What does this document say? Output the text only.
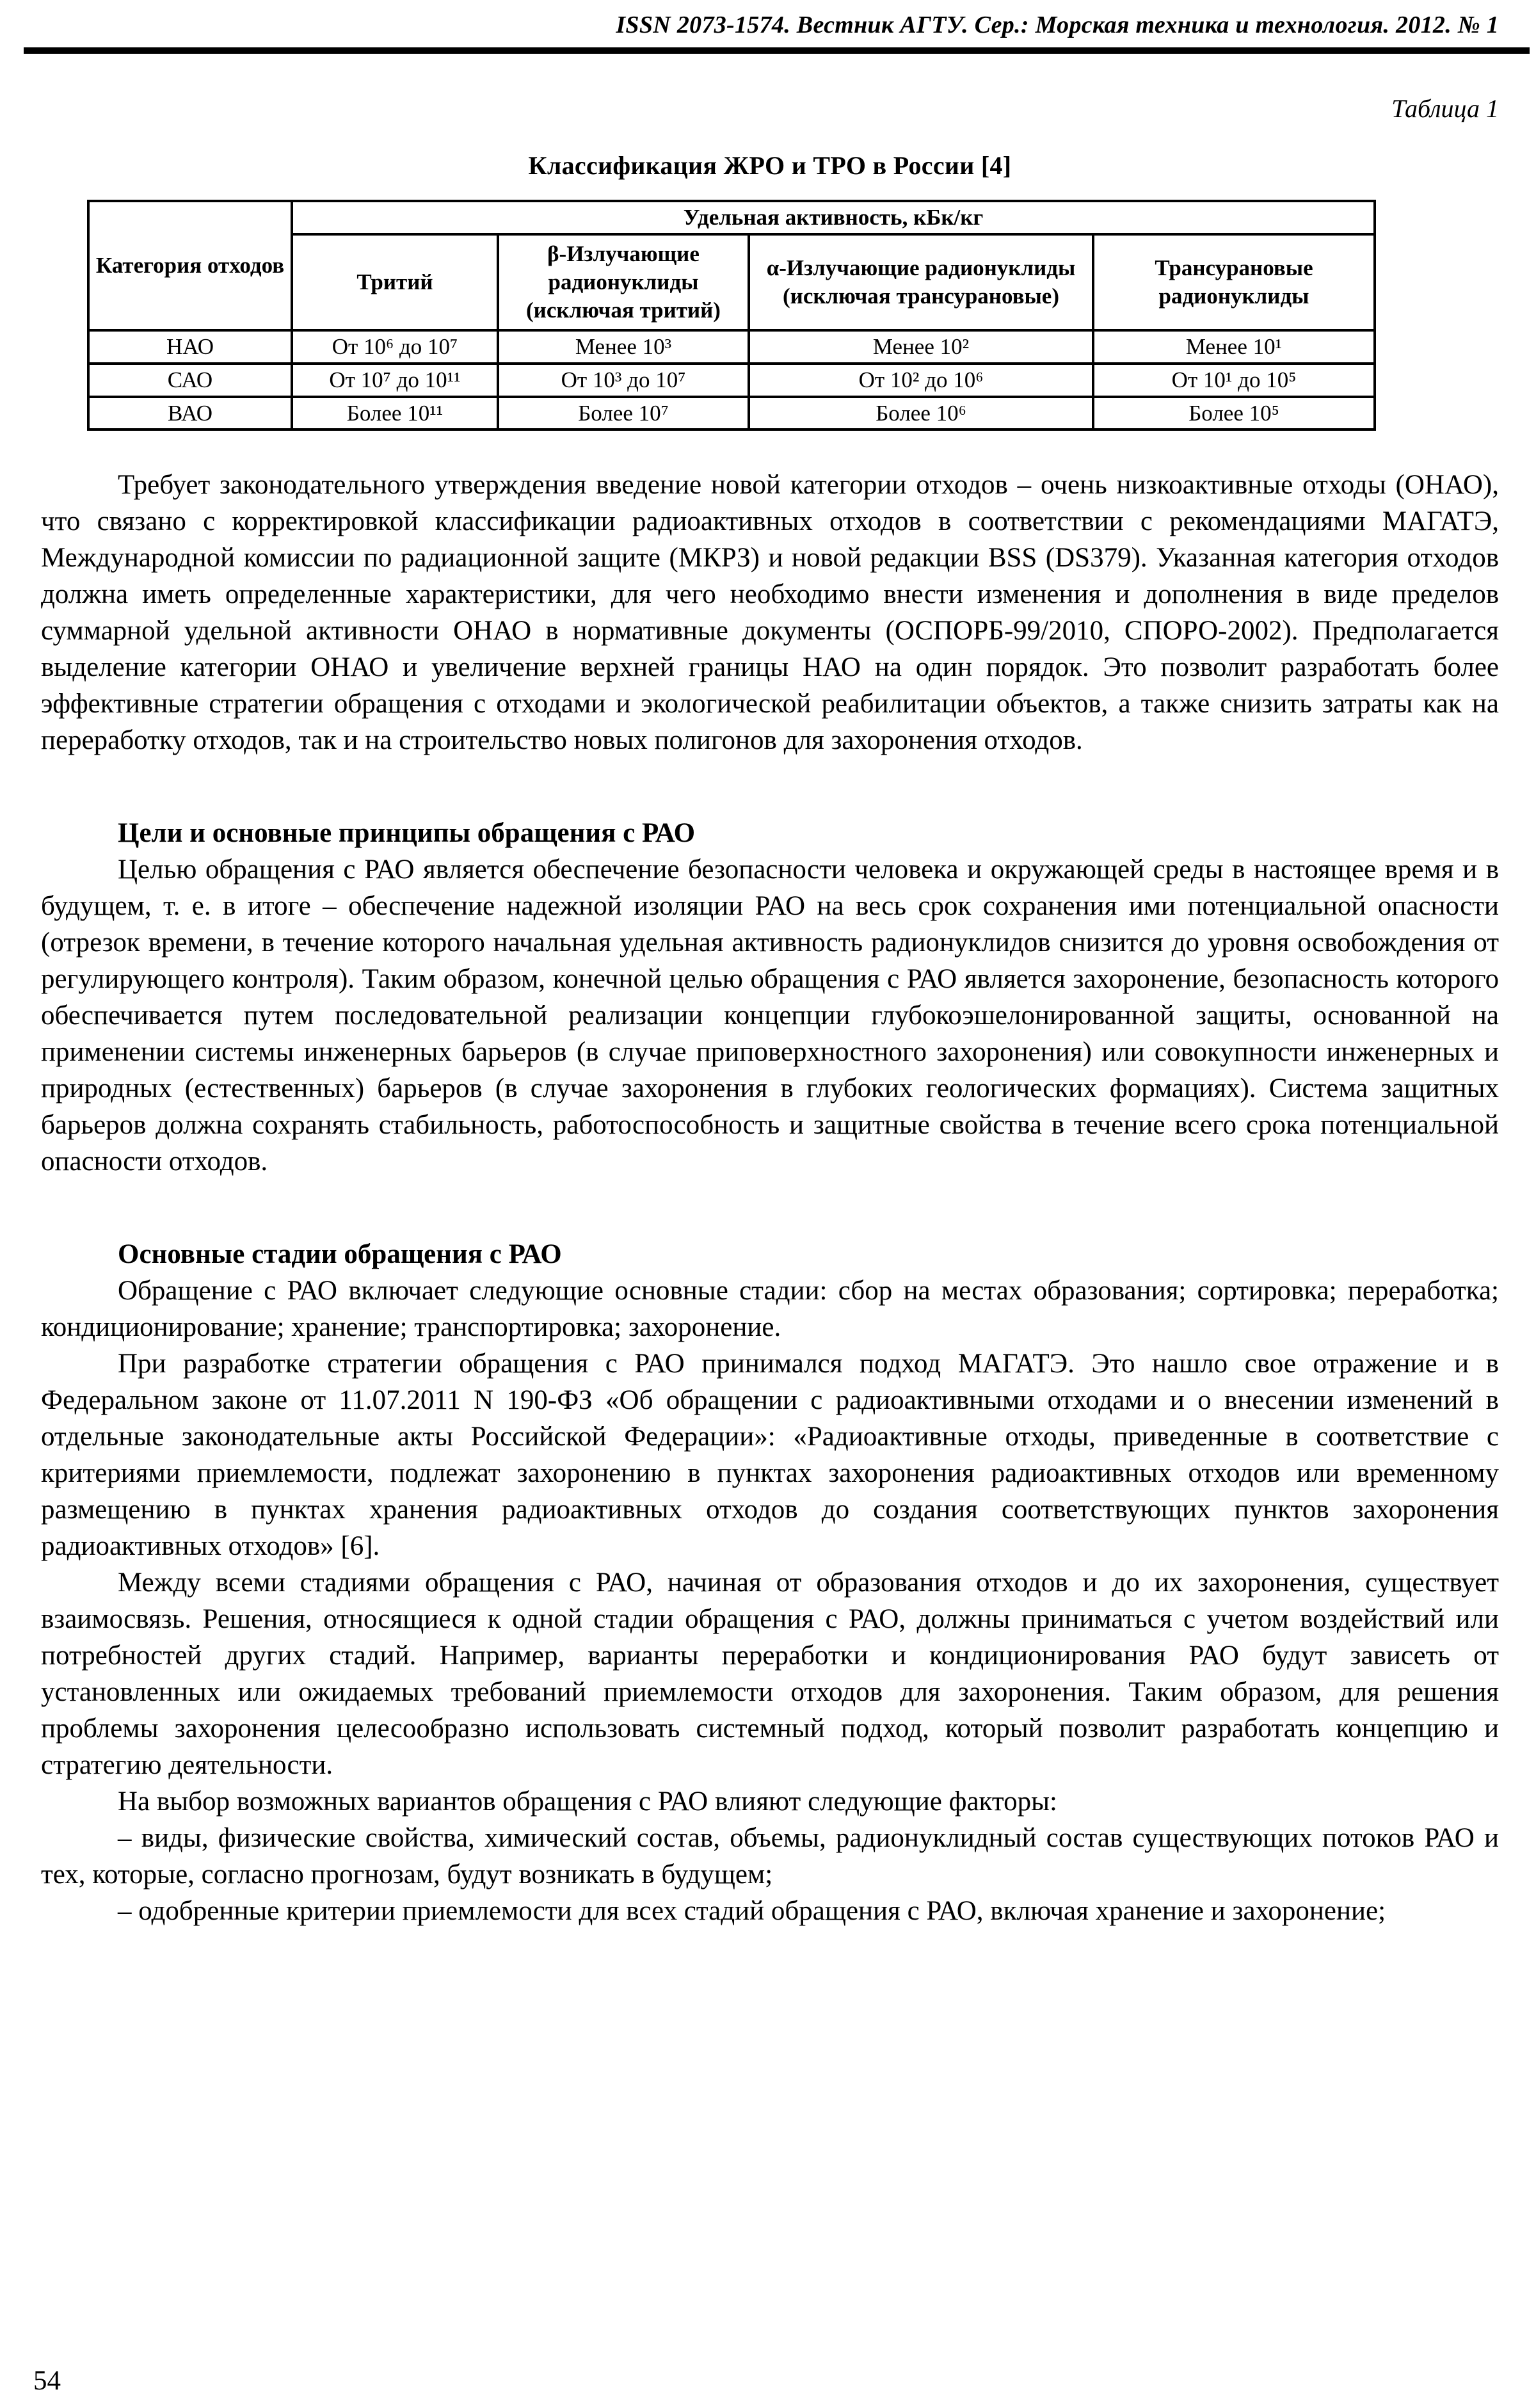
ISSN 2073-1574. Вестник АГТУ. Сер.: Морская техника и технология. 2012. № 1
Таблица 1
Классификация ЖРО и ТРО в России [4]
Категория отходов	Удельная активность, кБк/кг			
	Тритий	β-Излучающие радионуклиды (исключая тритий)	α-Излучающие радионуклиды (исключая трансурановые)	Трансурановые радионуклиды
НАО	От 10⁶ до 10⁷	Менее 10³	Менее 10²	Менее 10¹
САО	От 10⁷ до 10¹¹	От 10³ до 10⁷	От 10² до 10⁶	От 10¹ до 10⁵
ВАО	Более 10¹¹	Более 10⁷	Более 10⁶	Более 10⁵

Требует законодательного утверждения введение новой категории отходов – очень низкоактивные отходы (ОНАО), что связано с корректировкой классификации радиоактивных отходов в соответствии с рекомендациями МАГАТЭ, Международной комиссии по радиационной защите (МКРЗ) и новой редакции BSS (DS379). Указанная категория отходов должна иметь определенные характеристики, для чего необходимо внести изменения и дополнения в виде пределов суммарной удельной активности ОНАО в нормативные документы (ОСПОРБ-99/2010, СПОРО-2002). Предполагается выделение категории ОНАО и увеличение верхней границы НАО на один порядок. Это позволит разработать более эффективные стратегии обращения с отходами и экологической реабилитации объектов, а также снизить затраты как на переработку отходов, так и на строительство новых полигонов для захоронения отходов.

Цели и основные принципы обращения с РАО

Целью обращения с РАО является обеспечение безопасности человека и окружающей среды в настоящее время и в будущем, т. е. в итоге – обеспечение надежной изоляции РАО на весь срок сохранения ими потенциальной опасности (отрезок времени, в течение которого начальная удельная активность радионуклидов снизится до уровня освобождения от регулирующего контроля). Таким образом, конечной целью обращения с РАО является захоронение, безопасность которого обеспечивается путем последовательной реализации концепции глубокоэшелонированной защиты, основанной на применении системы инженерных барьеров (в случае приповерхностного захоронения) или совокупности инженерных и природных (естественных) барьеров (в случае захоронения в глубоких геологических формациях). Система защитных барьеров должна сохранять стабильность, работоспособность и защитные свойства в течение всего срока потенциальной опасности отходов.

Основные стадии обращения с РАО

Обращение с РАО включает следующие основные стадии: сбор на местах образования; сортировка; переработка; кондиционирование; хранение; транспортировка; захоронение.

При разработке стратегии обращения с РАО принимался подход МАГАТЭ. Это нашло свое отражение и в Федеральном законе от 11.07.2011 N 190-ФЗ «Об обращении с радиоактивными отходами и о внесении изменений в отдельные законодательные акты Российской Федерации»: «Радиоактивные отходы, приведенные в соответствие с критериями приемлемости, подлежат захоронению в пунктах захоронения радиоактивных отходов или временному размещению в пунктах хранения радиоактивных отходов до создания соответствующих пунктов захоронения радиоактивных отходов» [6].

Между всеми стадиями обращения с РАО, начиная от образования отходов и до их захоронения, существует взаимосвязь. Решения, относящиеся к одной стадии обращения с РАО, должны приниматься с учетом воздействий или потребностей других стадий. Например, варианты переработки и кондиционирования РАО будут зависеть от установленных или ожидаемых требований приемлемости отходов для захоронения. Таким образом, для решения проблемы захоронения целесообразно использовать системный подход, который позволит разработать концепцию и стратегию деятельности.

На выбор возможных вариантов обращения с РАО влияют следующие факторы:

– виды, физические свойства, химический состав, объемы, радионуклидный состав существующих потоков РАО и тех, которые, согласно прогнозам, будут возникать в будущем;

– одобренные критерии приемлемости для всех стадий обращения с РАО, включая хранение и захоронение;

54
